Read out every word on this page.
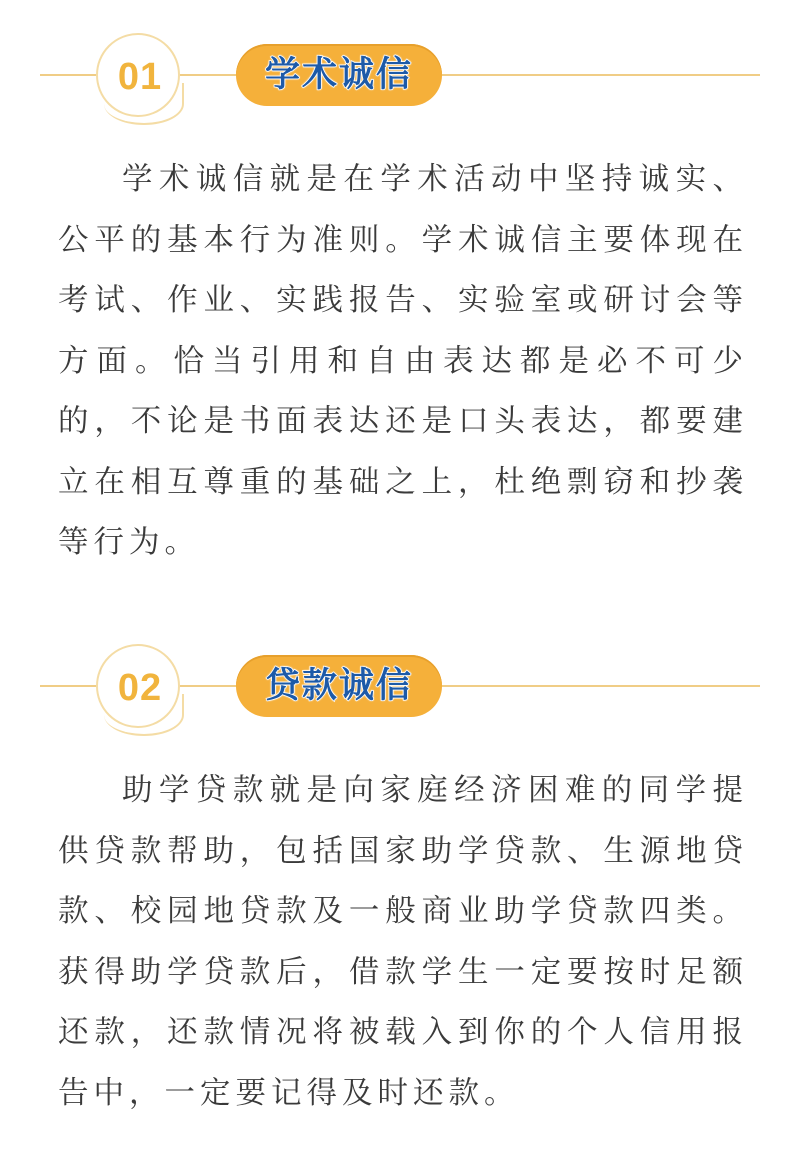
01	学术诚信

学术诚信就是在学术活动中坚持诚实、公平的基本行为准则。学术诚信主要体现在考试、作业、实践报告、实验室或研讨会等方面。恰当引用和自由表达都是必不可少的，不论是书面表达还是口头表达，都要建立在相互尊重的基础之上，杜绝剽窃和抄袭等行为。

02	贷款诚信

助学贷款就是向家庭经济困难的同学提供贷款帮助，包括国家助学贷款、生源地贷款、校园地贷款及一般商业助学贷款四类。获得助学贷款后，借款学生一定要按时足额还款，还款情况将被载入到你的个人信用报告中，一定要记得及时还款。
